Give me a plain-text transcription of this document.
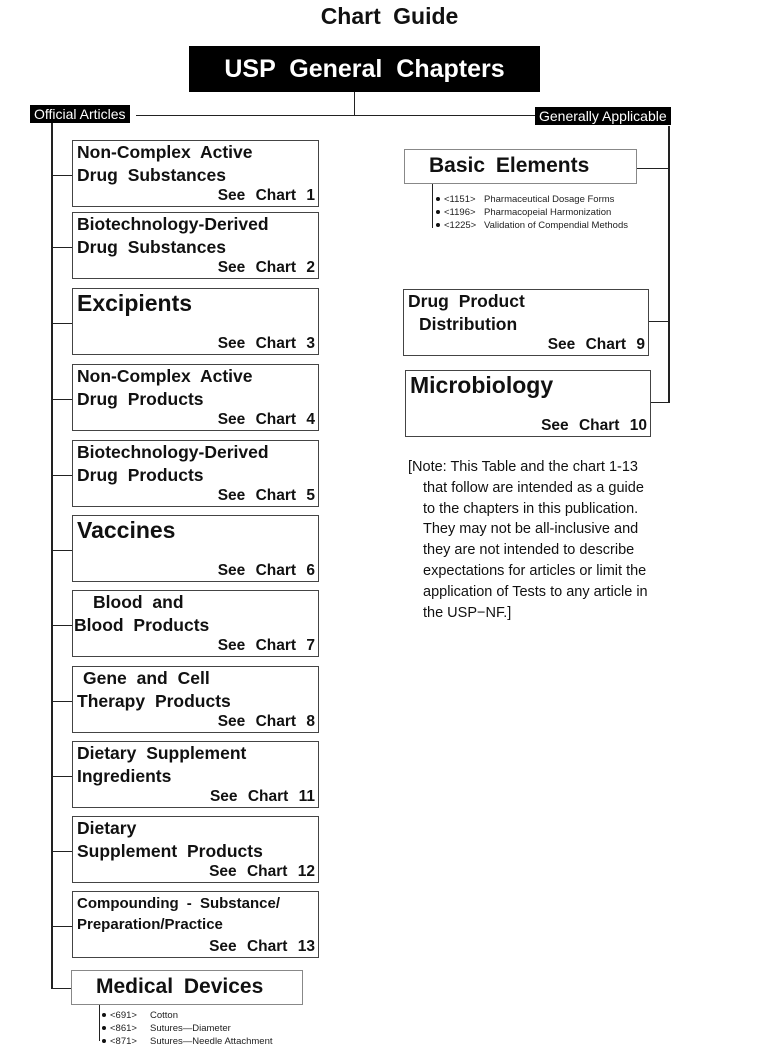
Chart Guide
USP General Chapters
Official Articles	Generally Applicable
Non-Complex Active
Drug Substances
See Chart 1
Biotechnology-Derived
Drug Substances
See Chart 2
Excipients
See Chart 3
Non-Complex Active
Drug Products
See Chart 4
Biotechnology-Derived
Drug Products
See Chart 5
Vaccines
See Chart 6
Blood and
Blood Products
See Chart 7
Gene and Cell
Therapy Products
See Chart 8
Dietary Supplement
Ingredients
See Chart 11
Dietary
Supplement Products
See Chart 12
Compounding - Substance/
Preparation/Practice
See Chart 13
Medical Devices
<691> Cotton
<861> Sutures—Diameter
<871> Sutures—Needle Attachment
Basic Elements
<1151> Pharmaceutical Dosage Forms
<1196> Pharmacopeial Harmonization
<1225> Validation of Compendial Methods
Drug Product
Distribution
See Chart 9
Microbiology
See Chart 10
[Note: This Table and the chart 1-13
that follow are intended as a guide
to the chapters in this publication.
They may not be all-inclusive and
they are not intended to describe
expectations for articles or limit the
application of Tests to any article in
the USP−NF.]
